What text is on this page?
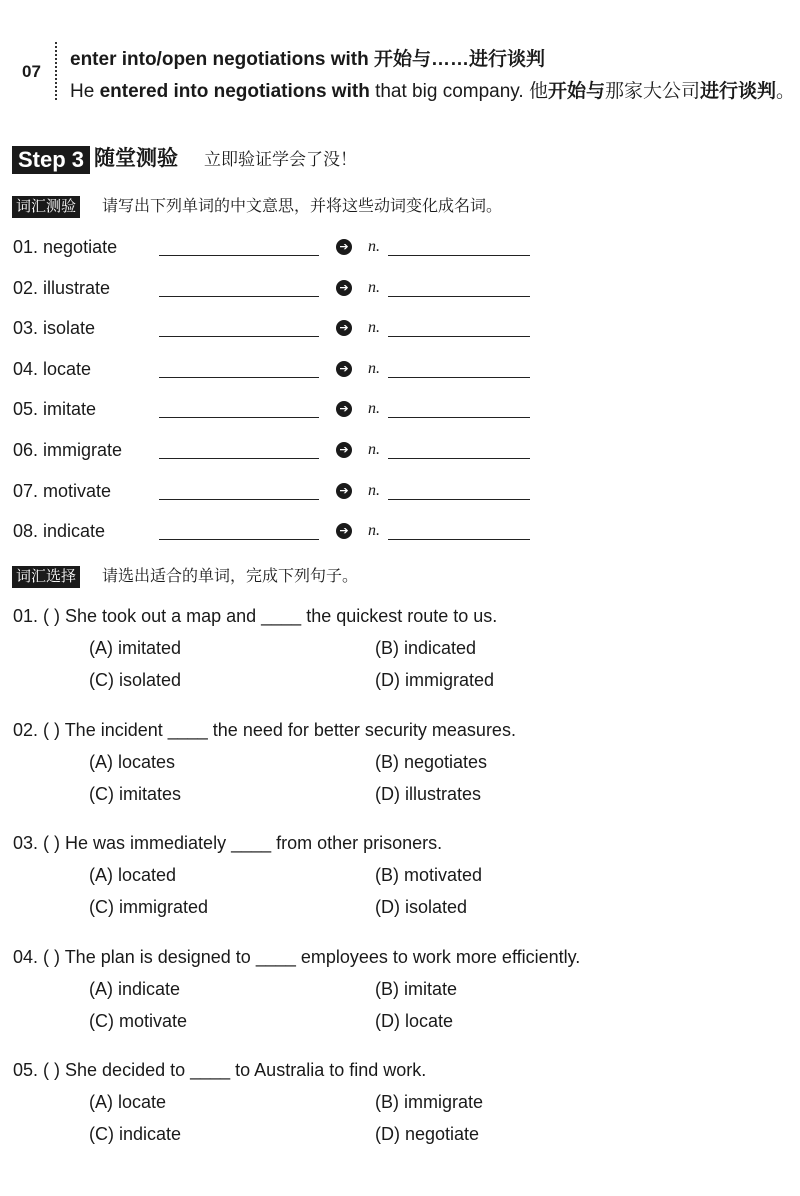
07
enter into/open negotiations with 开始与……进行谈判
He entered into negotiations with that big company. 他开始与那家大公司进行谈判。
Step 3 随堂测验 立即验证学会了没！
词汇测验 请写出下列单词的中文意思，并将这些动词变化成名词。
01. negotiate	➔ n.
02. illustrate	➔ n.
03. isolate	➔ n.
04. locate	➔ n.
05. imitate	➔ n.
06. immigrate	➔ n.
07. motivate	➔ n.
08. indicate	➔ n.
词汇选择 请选出适合的单词，完成下列句子。
01. ( ) She took out a map and ____ the quickest route to us.
(A) imitated	(B) indicated
(C) isolated	(D) immigrated
02. ( ) The incident ____ the need for better security measures.
(A) locates	(B) negotiates
(C) imitates	(D) illustrates
03. ( ) He was immediately ____ from other prisoners.
(A) located	(B) motivated
(C) immigrated	(D) isolated
04. ( ) The plan is designed to ____ employees to work more efficiently.
(A) indicate	(B) imitate
(C) motivate	(D) locate
05. ( ) She decided to ____ to Australia to find work.
(A) locate	(B) immigrate
(C) indicate	(D) negotiate
